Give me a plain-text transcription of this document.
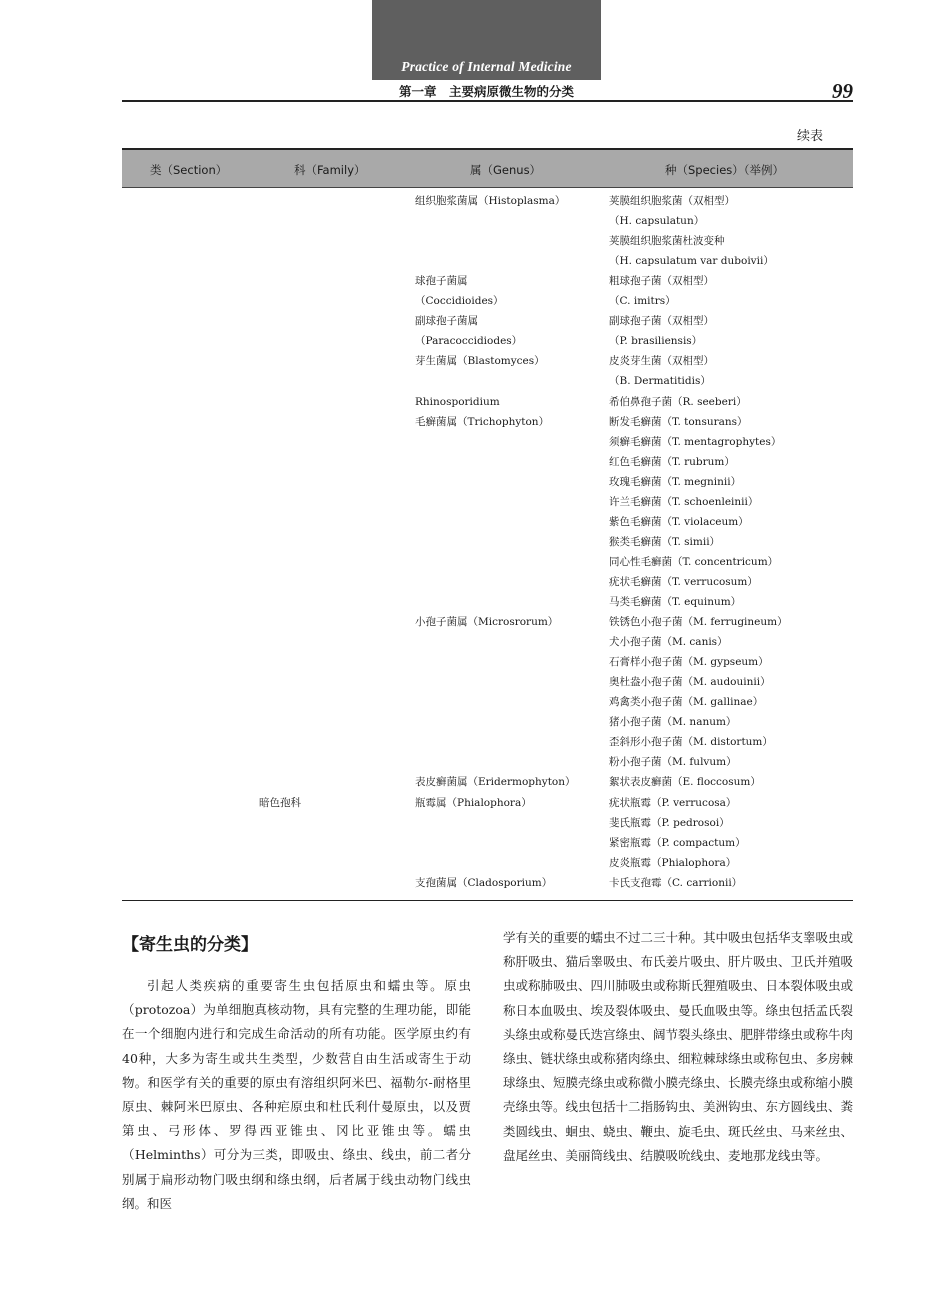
Practice of Internal Medicine
第一章　主要病原微生物的分类	99
续表
类（Section）	科（Family）	属（Genus）	种（Species）（举例）
组织胞浆菌属（Histoplasma）	荚膜组织胞浆菌（双相型）
（H. capsulatun）
荚膜组织胞浆菌杜波变种
（H. capsulatum var duboivii）
球孢子菌属	粗球孢子菌（双相型）
（Coccidioides）	（C. imitrs）
副球孢子菌属	副球孢子菌（双相型）
（Paracoccidiodes）	（P. brasiliensis）
芽生菌属（Blastomyces）	皮炎芽生菌（双相型）
（B. Dermatitidis）
Rhinosporidium	希伯鼻孢子菌（R. seeberi）
毛癣菌属（Trichophyton）	断发毛癣菌（T. tonsurans）
须癣毛癣菌（T. mentagrophytes）
红色毛癣菌（T. rubrum）
玫瑰毛癣菌（T. megninii）
许兰毛癣菌（T. schoenleinii）
紫色毛癣菌（T. violaceum）
猴类毛癣菌（T. simii）
同心性毛癣菌（T. concentricum）
疣状毛癣菌（T. verrucosum）
马类毛癣菌（T. equinum）
小孢子菌属（Microsrorum）	铁锈色小孢子菌（M. ferrugineum）
犬小孢子菌（M. canis）
石膏样小孢子菌（M. gypseum）
奥杜盎小孢子菌（M. audouinii）
鸡禽类小孢子菌（M. gallinae）
猪小孢子菌（M. nanum）
歪斜形小孢子菌（M. distortum）
粉小孢子菌（M. fulvum）
表皮癣菌属（Eridermophyton）	絮状表皮癣菌（E. floccosum）
暗色孢科	瓶霉属（Phialophora）	疣状瓶霉（P. verrucosa）
斐氏瓶霉（P. pedrosoi）
紧密瓶霉（P. compactum）
皮炎瓶霉（Phialophora）
支孢菌属（Cladosporium）	卡氏支孢霉（C. carrionii）
【寄生虫的分类】

引起人类疾病的重要寄生虫包括原虫和蠕虫等。原虫（protozoa）为单细胞真核动物，具有完整的生理功能，即能在一个细胞内进行和完成生命活动的所有功能。医学原虫约有40种，大多为寄生或共生类型，少数营自由生活或寄生于动物。和医学有关的重要的原虫有溶组织阿米巴、福勒尔-耐格里原虫、棘阿米巴原虫、各种疟原虫和杜氏利什曼原虫，以及贾第虫、弓形体、罗得西亚锥虫、冈比亚锥虫等。蠕虫（Helminths）可分为三类，即吸虫、绦虫、线虫，前二者分别属于扁形动物门吸虫纲和绦虫纲，后者属于线虫动物门线虫纲。和医

学有关的重要的蠕虫不过二三十种。其中吸虫包括华支睾吸虫或称肝吸虫、猫后睾吸虫、布氏姜片吸虫、肝片吸虫、卫氏并殖吸虫或称肺吸虫、四川肺吸虫或称斯氏狸殖吸虫、日本裂体吸虫或称日本血吸虫、埃及裂体吸虫、曼氏血吸虫等。绦虫包括孟氏裂头绦虫或称曼氏迭宫绦虫、阔节裂头绦虫、肥胖带绦虫或称牛肉绦虫、链状绦虫或称猪肉绦虫、细粒棘球绦虫或称包虫、多房棘球绦虫、短膜壳绦虫或称微小膜壳绦虫、长膜壳绦虫或称缩小膜壳绦虫等。线虫包括十二指肠钩虫、美洲钩虫、东方圆线虫、粪类圆线虫、蛔虫、蛲虫、鞭虫、旋毛虫、斑氏丝虫、马来丝虫、盘尾丝虫、美丽筒线虫、结膜吸吮线虫、麦地那龙线虫等。
